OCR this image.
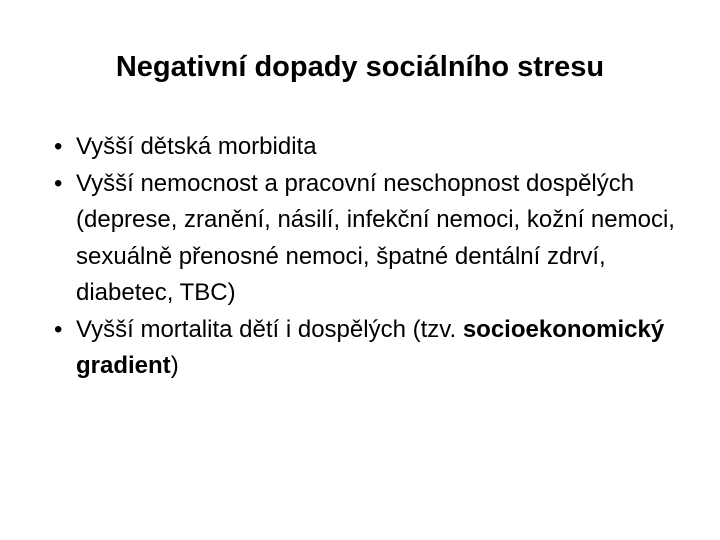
Negativní dopady sociálního stresu
• Vyšší dětská morbidita
• Vyšší nemocnost a pracovní neschopnost dospělých (deprese, zranění, násilí, infekční nemoci, kožní nemoci, sexuálně přenosné nemoci, špatné dentální zdrví, diabetec, TBC)
• Vyšší mortalita dětí i dospělých (tzv. socioekonomický gradient)
